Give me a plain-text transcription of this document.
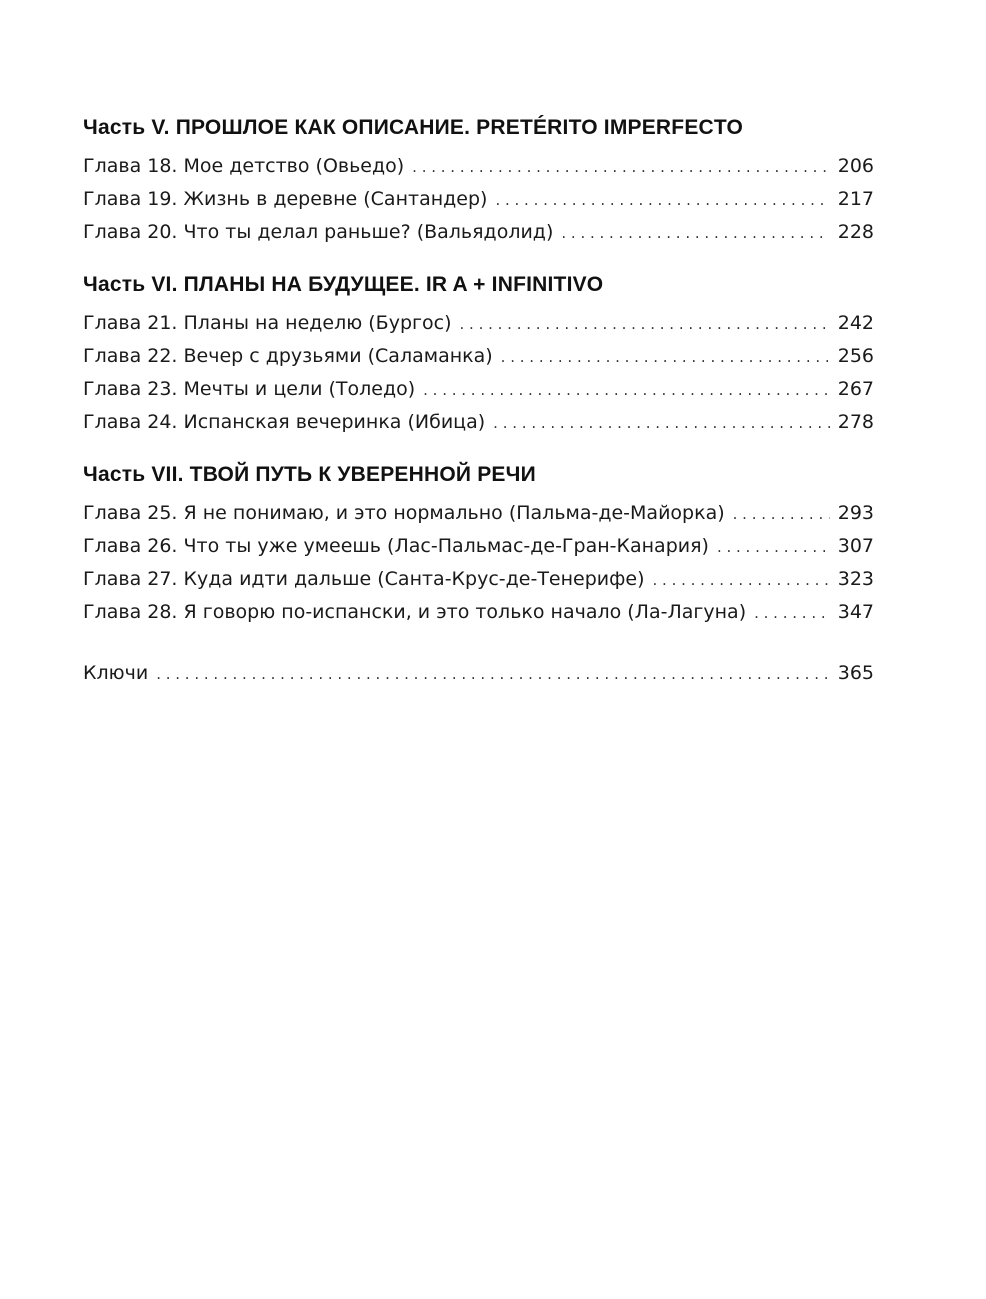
Часть V. ПРОШЛОЕ КАК ОПИСАНИЕ. PRETÉRITO IMPERFECTO
Глава 18. Мое детство (Овьедо) . . .	206
Глава 19. Жизнь в деревне (Сантандер) . . .	217
Глава 20. Что ты делал раньше? (Вальядолид) . . .	228
Часть VI. ПЛАНЫ НА БУДУЩЕЕ. IR A + INFINITIVO
Глава 21. Планы на неделю (Бургос) . . .	242
Глава 22. Вечер с друзьями (Саламанка) . . .	256
Глава 23. Мечты и цели (Толедо) . . .	267
Глава 24. Испанская вечеринка (Ибица) . . .	278
Часть VII. ТВОЙ ПУТЬ К УВЕРЕННОЙ РЕЧИ
Глава 25. Я не понимаю, и это нормально (Пальма-де-Майорка) . . .	293
Глава 26. Что ты уже умеешь (Лас-Пальмас-де-Гран-Канария) . . .	307
Глава 27. Куда идти дальше (Санта-Крус-де-Тенерифе) . . .	323
Глава 28. Я говорю по-испански, и это только начало (Ла-Лагуна) . . .	347
Ключи . . .	365
